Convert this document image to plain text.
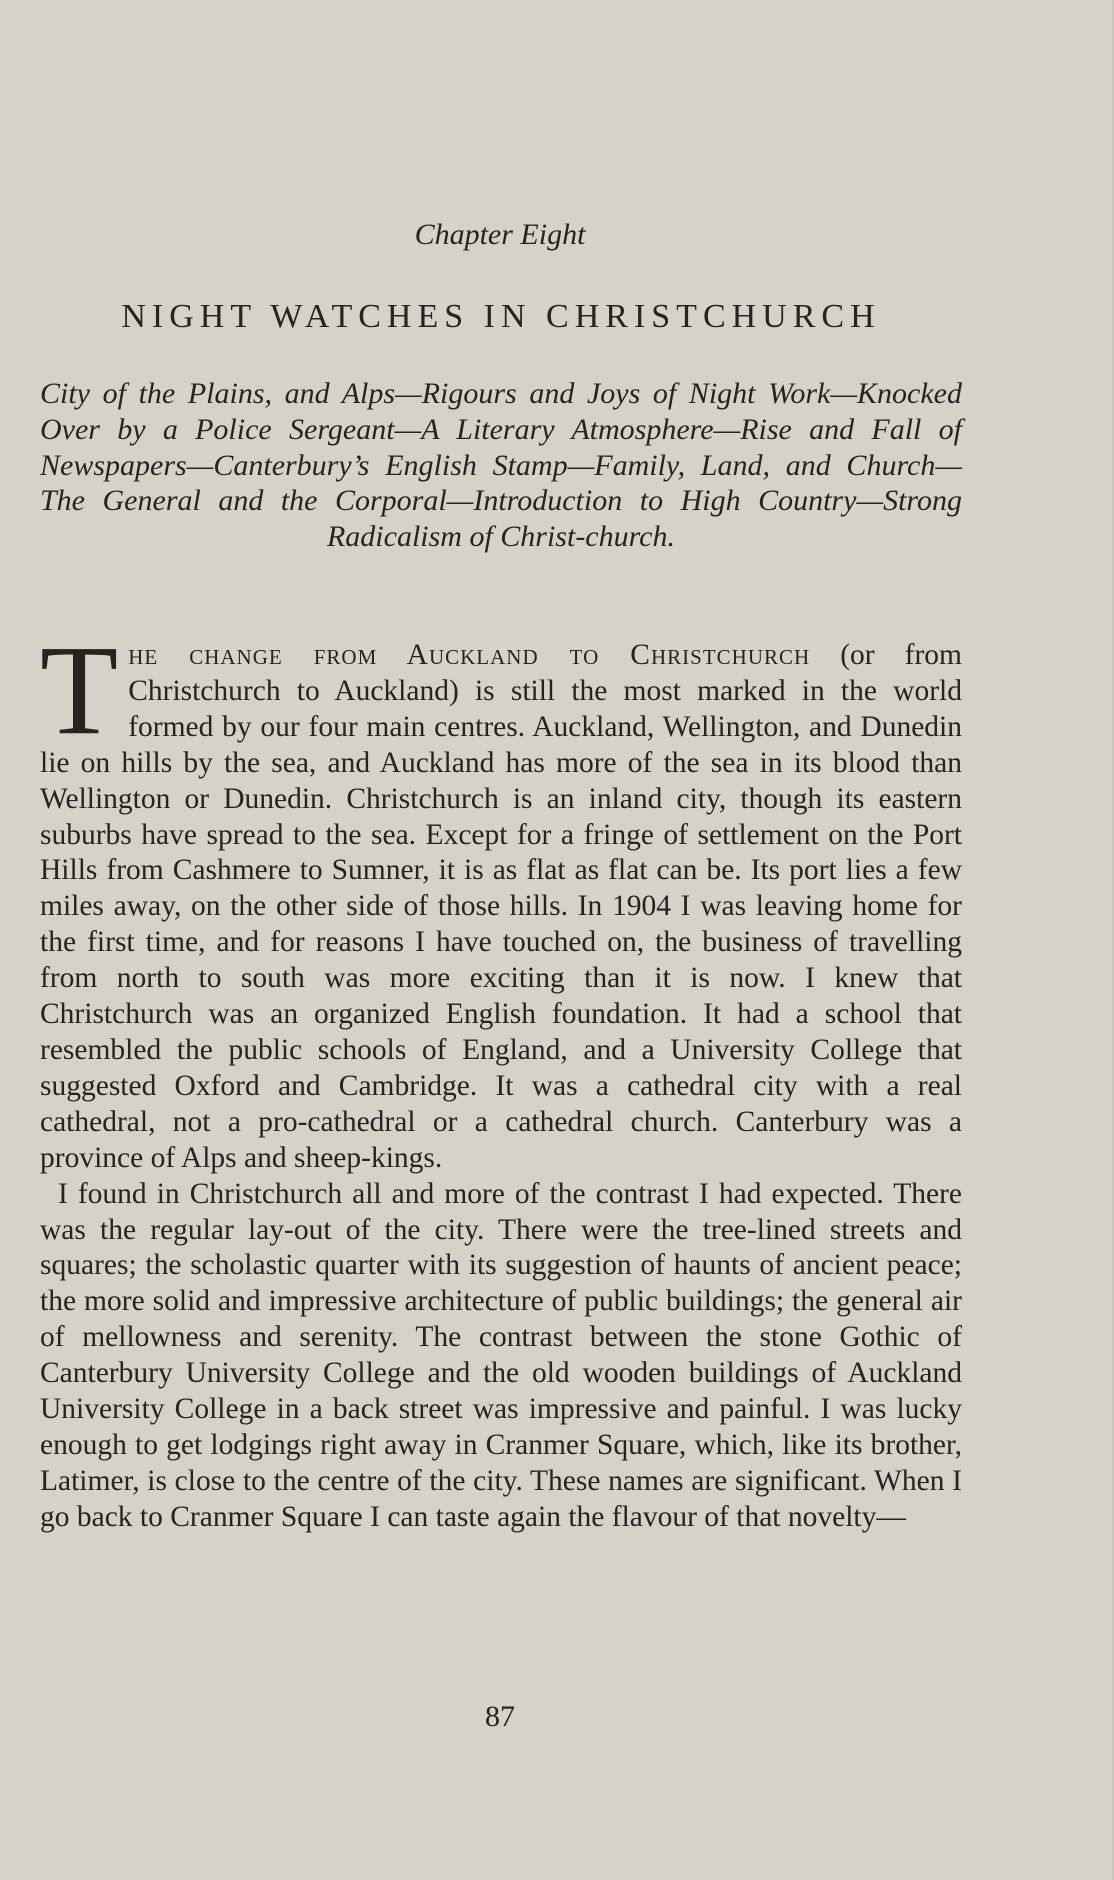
Chapter Eight
NIGHT WATCHES IN CHRISTCHURCH
City of the Plains, and Alps—Rigours and Joys of Night Work—Knocked Over by a Police Sergeant—A Literary Atmosphere—Rise and Fall of Newspapers—Canterbury’s English Stamp—Family, Land, and Church—The General and the Corporal—Introduction to High Country—Strong Radicalism of Christ-church.

The change from Auckland to Christchurch (or from Christchurch to Auckland) is still the most marked in the world formed by our four main centres. Auckland, Wellington, and Dunedin lie on hills by the sea, and Auckland has more of the sea in its blood than Wellington or Dunedin. Christchurch is an inland city, though its eastern suburbs have spread to the sea. Except for a fringe of settlement on the Port Hills from Cashmere to Sumner, it is as flat as flat can be. Its port lies a few miles away, on the other side of those hills. In 1904 I was leaving home for the first time, and for reasons I have touched on, the business of travelling from north to south was more exciting than it is now. I knew that Christchurch was an organized English foundation. It had a school that resembled the public schools of England, and a University College that suggested Oxford and Cambridge. It was a cathedral city with a real cathedral, not a pro-cathedral or a cathedral church. Canterbury was a province of Alps and sheep-kings.

I found in Christchurch all and more of the contrast I had expected. There was the regular lay-out of the city. There were the tree-lined streets and squares; the scholastic quarter with its suggestion of haunts of ancient peace; the more solid and impressive architecture of public buildings; the general air of mellowness and serenity. The contrast between the stone Gothic of Canterbury University College and the old wooden buildings of Auckland University College in a back street was impressive and painful. I was lucky enough to get lodgings right away in Cranmer Square, which, like its brother, Latimer, is close to the centre of the city. These names are significant. When I go back to Cranmer Square I can taste again the flavour of that novelty—

87
